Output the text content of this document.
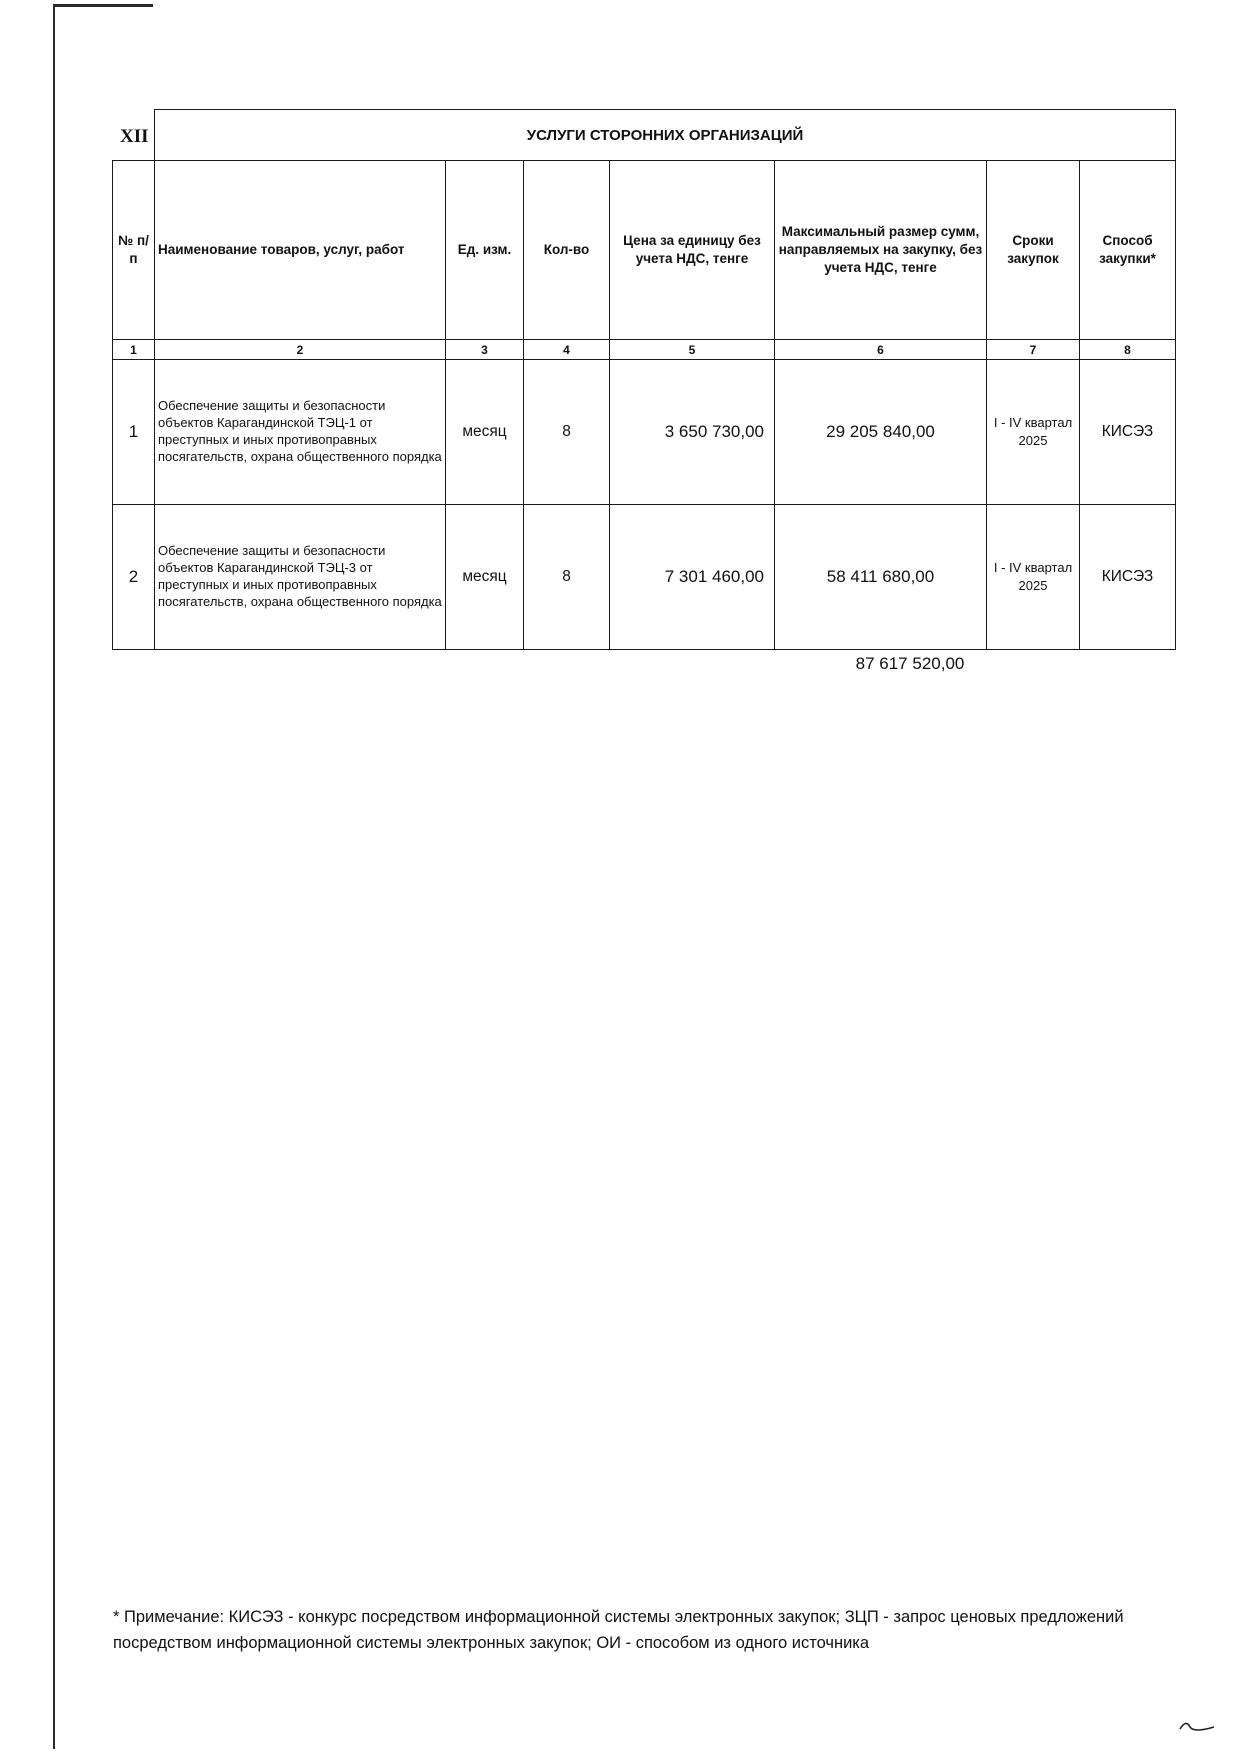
XII
		УСЛУГИ СТОРОННИХ ОРГАНИЗАЦИЙ						
№ п/п	Наименование товаров, услуг, работ	Ед. изм.	Кол-во	Цена за единицу без учета НДС, тенге	Максимальный размер сумм, направляемых на закупку, без учета НДС, тенге	Сроки закупок	Способ закупки*
1	2	3	4	5	6	7	8
1	Обеспечение защиты и безопасности объектов Карагандинской ТЭЦ-1 от преступных и иных противоправных посягательств, охрана общественного порядка	месяц	8	3 650 730,00	29 205 840,00	I - IV квартал 2025	КИСЭЗ
2	Обеспечение защиты и безопасности объектов Карагандинской ТЭЦ-3 от преступных и иных противоправных посягательств, охрана общественного порядка	месяц	8	7 301 460,00	58 411 680,00	I - IV квартал 2025	КИСЭЗ
87 617 520,00
* Примечание: КИСЭЗ - конкурс посредством информационной системы электронных закупок; ЗЦП - запрос ценовых предложений посредством информационной системы электронных закупок; ОИ - способом из одного источника
